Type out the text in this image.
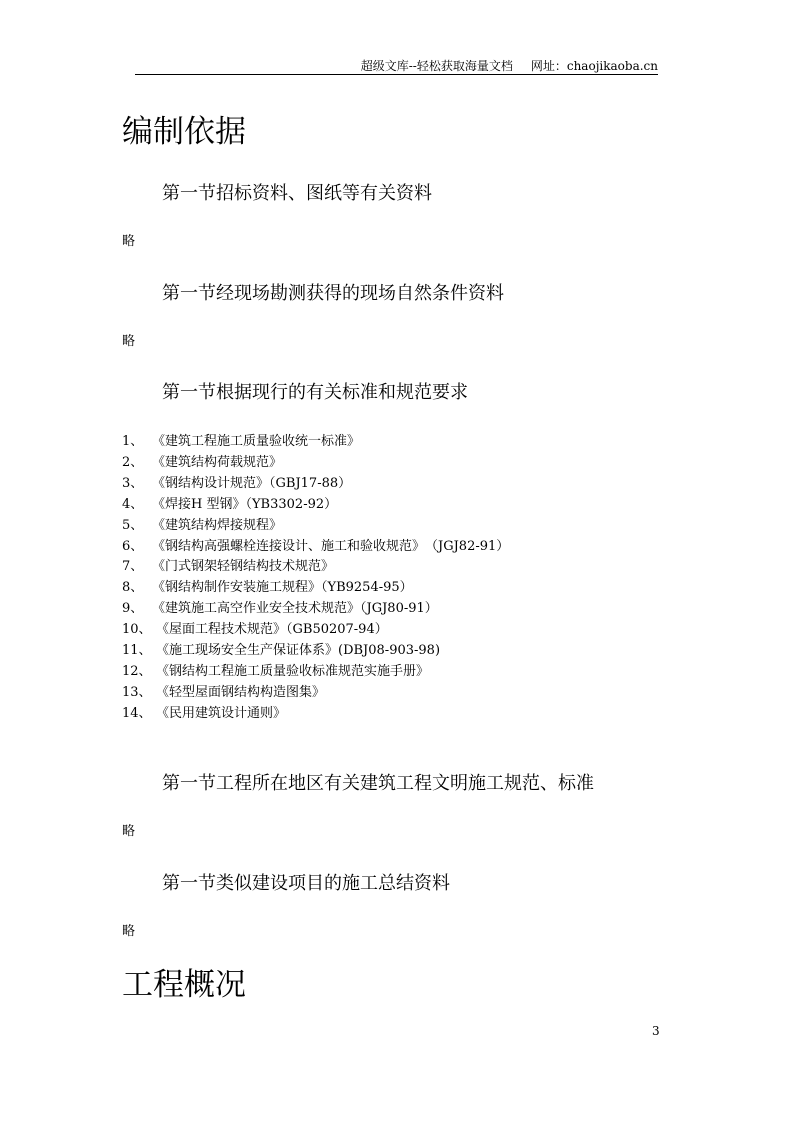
超级文库--轻松获取海量文档 网址：chaojikaoba.cn
编制依据
第一节招标资料、图纸等有关资料
略
第一节经现场勘测获得的现场自然条件资料
略
第一节根据现行的有关标准和规范要求
1、 《建筑工程施工质量验收统一标准》
2、 《建筑结构荷载规范》
3、 《钢结构设计规范》（GBJ17-88）
4、 《焊接H 型钢》（YB3302-92）
5、 《建筑结构焊接规程》
6、 《钢结构高强螺栓连接设计、施工和验收规范》　（JGJ82-91）
7、 《门式钢架轻钢结构技术规范》
8、 《钢结构制作安装施工规程》（YB9254-95）
9、 《建筑施工高空作业安全技术规范》（JGJ80-91）
10、 《屋面工程技术规范》（GB50207-94）
11、 《施工现场安全生产保证体系》(DBJ08-903-98)
12、 《钢结构工程施工质量验收标准规范实施手册》
13、 《轻型屋面钢结构构造图集》
14、 《民用建筑设计通则》
第一节工程所在地区有关建筑工程文明施工规范、标准
略
第一节类似建设项目的施工总结资料
略
工程概况
3
